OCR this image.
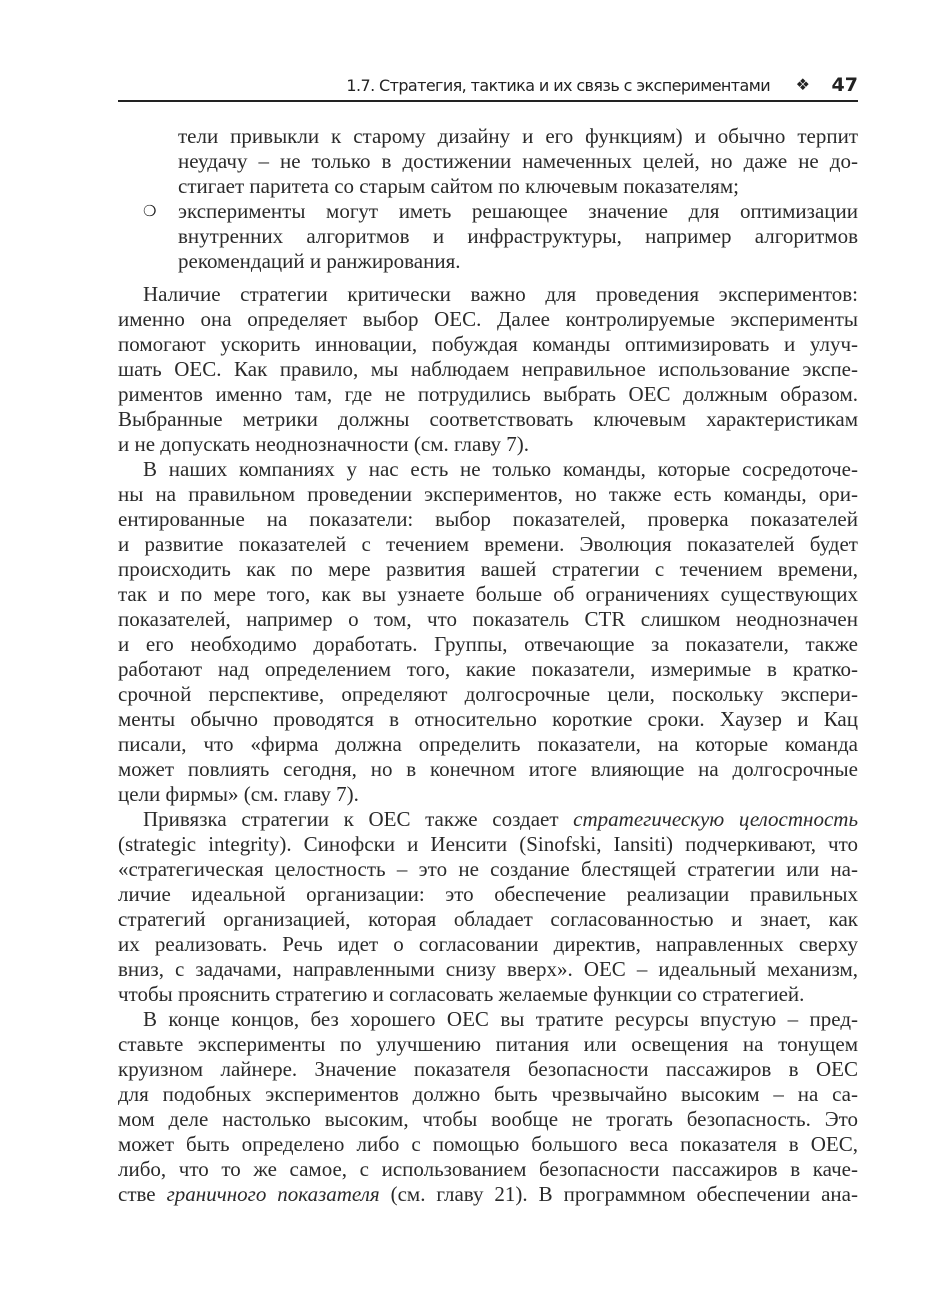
1.7. Стратегия, тактика и их связь с экспериментами ❖ 47
тели привыкли к старому дизайну и его функциям) и обычно терпит
неудачу – не только в достижении намеченных целей, но даже не до-
стигает паритета со старым сайтом по ключевым показателям;
❍ эксперименты могут иметь решающее значение для оптимизации
внутренних алгоритмов и инфраструктуры, например алгоритмов
рекомендаций и ранжирования.
Наличие стратегии критически важно для проведения экспериментов:
именно она определяет выбор OEC. Далее контролируемые эксперименты
помогают ускорить инновации, побуждая команды оптимизировать и улуч-
шать OEC. Как правило, мы наблюдаем неправильное использование экспе-
риментов именно там, где не потрудились выбрать OEC должным образом.
Выбранные метрики должны соответствовать ключевым характеристикам
и не допускать неоднозначности (см. главу 7).
В наших компаниях у нас есть не только команды, которые сосредоточе-
ны на правильном проведении экспериментов, но также есть команды, ори-
ентированные на показатели: выбор показателей, проверка показателей
и развитие показателей с течением времени. Эволюция показателей будет
происходить как по мере развития вашей стратегии с течением времени,
так и по мере того, как вы узнаете больше об ограничениях существующих
показателей, например о том, что показатель CTR слишком неоднозначен
и его необходимо доработать. Группы, отвечающие за показатели, также
работают над определением того, какие показатели, измеримые в кратко-
срочной перспективе, определяют долгосрочные цели, поскольку экспери-
менты обычно проводятся в относительно короткие сроки. Хаузер и Кац
писали, что «фирма должна определить показатели, на которые команда
может повлиять сегодня, но в конечном итоге влияющие на долгосрочные
цели фирмы» (см. главу 7).
Привязка стратегии к OEC также создает стратегическую целостность
(strategic integrity). Синофски и Иенсити (Sinofski, Iansiti) подчеркивают, что
«стратегическая целостность – это не создание блестящей стратегии или на-
личие идеальной организации: это обеспечение реализации правильных
стратегий организацией, которая обладает согласованностью и знает, как
их реализовать. Речь идет о согласовании директив, направленных сверху
вниз, с задачами, направленными снизу вверх». OEC – идеальный механизм,
чтобы прояснить стратегию и согласовать желаемые функции со стратегией.
В конце концов, без хорошего OEC вы тратите ресурсы впустую – пред-
ставьте эксперименты по улучшению питания или освещения на тонущем
круизном лайнере. Значение показателя безопасности пассажиров в OEC
для подобных экспериментов должно быть чрезвычайно высоким – на са-
мом деле настолько высоким, чтобы вообще не трогать безопасность. Это
может быть определено либо с помощью большого веса показателя в OEC,
либо, что то же самое, с использованием безопасности пассажиров в каче-
стве граничного показателя (см. главу 21). В программном обеспечении ана-
